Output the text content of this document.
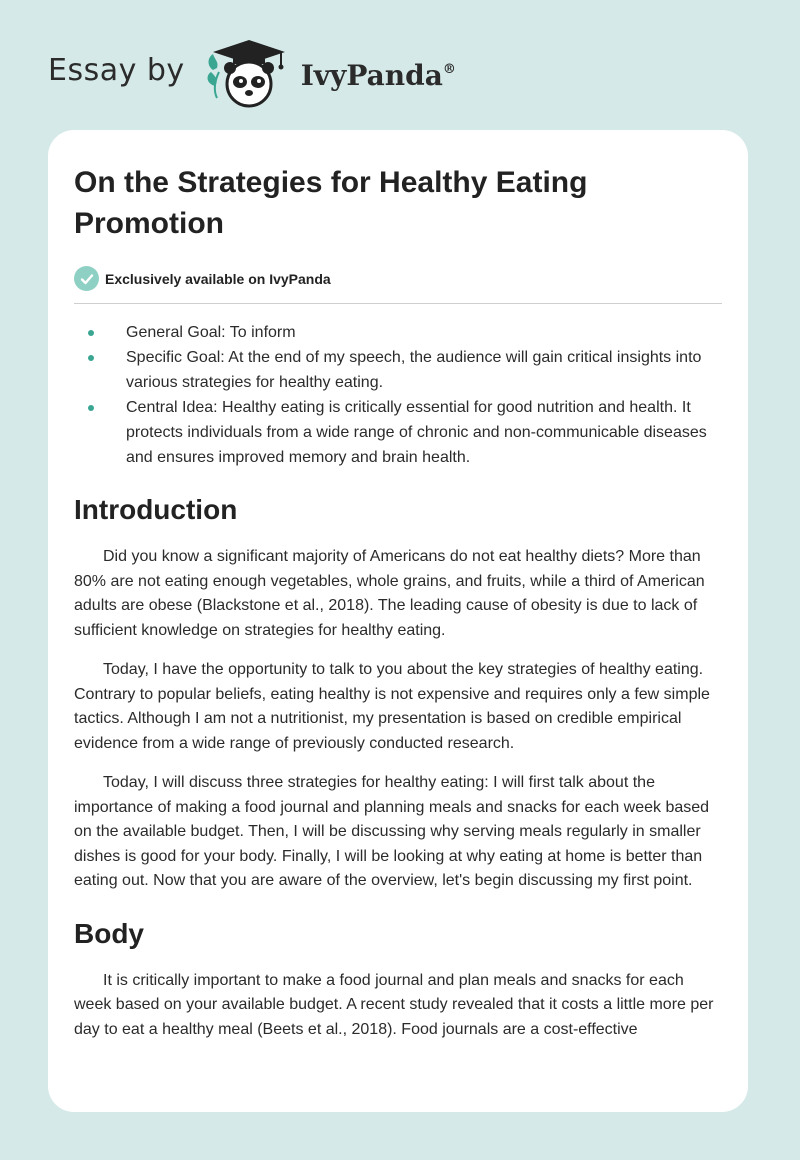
Essay by	IvyPanda®
On the Strategies for Healthy Eating Promotion
Exclusively available on IvyPanda
General Goal: To inform
Specific Goal: At the end of my speech, the audience will gain critical insights into various strategies for healthy eating.
Central Idea: Healthy eating is critically essential for good nutrition and health. It protects individuals from a wide range of chronic and non-communicable diseases and ensures improved memory and brain health.
Introduction

Did you know a significant majority of Americans do not eat healthy diets? More than 80% are not eating enough vegetables, whole grains, and fruits, while a third of American adults are obese (Blackstone et al., 2018). The leading cause of obesity is due to lack of sufficient knowledge on strategies for healthy eating.

Today, I have the opportunity to talk to you about the key strategies of healthy eating. Contrary to popular beliefs, eating healthy is not expensive and requires only a few simple tactics. Although I am not a nutritionist, my presentation is based on credible empirical evidence from a wide range of previously conducted research.

Today, I will discuss three strategies for healthy eating: I will first talk about the importance of making a food journal and planning meals and snacks for each week based on the available budget. Then, I will be discussing why serving meals regularly in smaller dishes is good for your body. Finally, I will be looking at why eating at home is better than eating out. Now that you are aware of the overview, let's begin discussing my first point.

Body

It is critically important to make a food journal and plan meals and snacks for each week based on your available budget. A recent study revealed that it costs a little more per day to eat a healthy meal (Beets et al., 2018). Food journals are a cost-effective
